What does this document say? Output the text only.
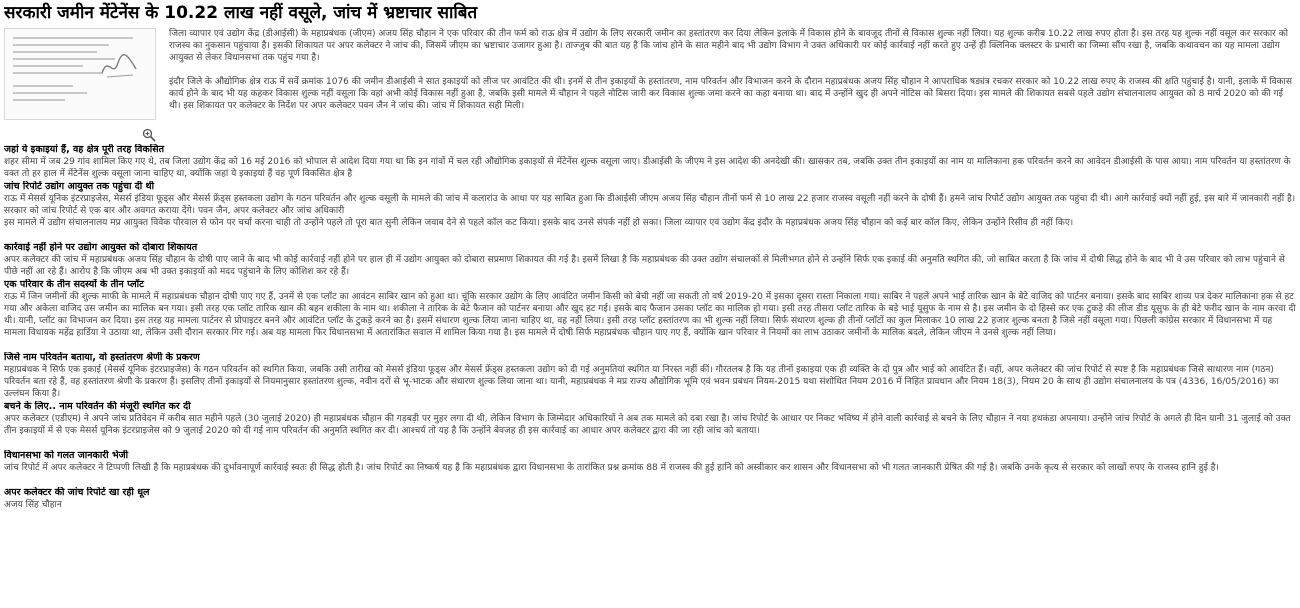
सरकारी जमीन मेंटेनेंस के 10.22 लाख नहीं वसूले, जांच में भ्रष्टाचार साबित

जिला व्यापार एवं उद्योग केंद्र (डीआईसी) के महाप्रबंधक (जीएम) अजय सिंह चौहान ने एक परिवार की तीन फर्म को राऊ क्षेत्र में उद्योग के लिए सरकारी जमीन का हस्तांतरण कर दिया लेकिन इलाके में विकास होने के बावजूद तीनों से विकास शुल्क नहीं लिया। यह शुल्क करीब 10.22 लाख रुपए होता है। इस तरह यह शुल्क नहीं वसूल कर सरकार को राजस्व का नुकसान पहुंचाया है। इसकी शिकायत पर अपर कलेक्टर ने जांच की, जिसमें जीएम का भ्रष्टाचार उजागर हुआ है। ताज्जुब की बात यह है कि जांच होने के सात महीने बाद भी उद्योग विभाग ने उक्त अधिकारी पर कोई कार्रवाई नहीं करते हुए उन्हें ही क्लिनिक क्लस्टर के प्रभारी का जिम्मा सौंप रखा है, जबकि कथावचन का यह मामला उद्योग आयुक्त से लेकर विधानसभा तक पहुंच गया है।

इंदौर जिले के औद्योगिक क्षेत्र राऊ में सर्वे क्रमांक 1076 की जमीन डीआईसी ने सात इकाइयों को लीज पर आवंटित की थी। इनमें से तीन इकाइयों के हस्तांतरण, नाम परिवर्तन और विभाजन करने के दौरान महाप्रबंधक अजय सिंह चौहान ने आपराधिक षड्यंत्र रचकर सरकार को 10.22 लाख रुपए के राजस्व की क्षति पहुंचाई है। यानी, इलाके में विकास कार्य होने के बाद भी यह कहकर विकास शुल्क नहीं वसूला कि वहां अभी कोई विकास नहीं हुआ है, जबकि इसी मामले में चौहान ने पहले नोटिस जारी कर विकास शुल्क जमा करने का कहा बनाया था। बाद में उन्होंने खुद ही अपने नोटिस को बिसरा दिया। इस मामले की शिकायत सबसे पहले उद्योग संचालनालय आयुक्त को 8 मार्च 2020 को की गई थी। इस शिकायत पर कलेक्टर के निर्देश पर अपर कलेक्टर पवन जैन ने जांच की। जांच में शिकायत सही मिली।

जहां ये इकाइयां हैं, वह क्षेत्र पूरी तरह विकसित

शहर सीमा में जब 29 गांव शामिल किए गए थे, तब जिला उद्योग केंद्र को 16 मई 2016 को भोपाल से आदेश दिया गया था कि इन गांवों में चल रही औद्योगिक इकाइयों से मेंटेनेंस शुल्क वसूला जाए। डीआईसी के जीएम ने इस आदेश की अनदेखी की। खासकर तब, जबकि उक्त तीन इकाइयों का नाम या मालिकाना हक परिवर्तन करने का आवेदन डीआईसी के पास आया। नाम परिवर्तन या हस्तांतरण के वक्त तो हर हाल में मेंटेनेंस शुल्क वसूला जाना चाहिए था, क्योंकि जहां ये इकाइयां हैं वह पूर्ण विकसित क्षेत्र है

जांच रिपोर्ट उद्योग आयुक्त तक पहुंचा दी थी

राऊ में मेसर्स यूनिक इंटरप्राइजेस, मेसर्स इंडिया फूड्स और मेसर्स फ्रेंड्स हस्तकला उद्योग के गठन परिवर्तन और शुल्क वसूली के मामले की जांच में कलारांउ के आधा पर यह साबित हुआ कि डीआईसी जीएम अजय सिंह चौहान तीनों फर्म से 10 लाख 22 हजार राजस्व वसूली नहीं करने के दोषी हैं। हमने जांच रिपोर्ट उद्योग आयुक्त तक पहुंचा दी थी। आगे कार्रवाई क्यों नहीं हुई, इस बारे में जानकारी नहीं है। सरकार को जांच रिपोर्ट से एक बार और अवगत कराया देंगे। पवन जैन, अपर कलेक्टर और जांच अधिकारी

इस मामले में उद्योग संचालनालय मप्र आयुक्त विवेक पोरवाल से फोन पर चर्चा करना चाही तो उन्होंने पहले तो पूरा बात सुनी लेकिन जवाब देने से पहले कॉल कट किया। इसके बाद उनसे संपर्क नहीं हो सका। जिला व्यापार एवं उद्योग केंद्र इंदौर के महाप्रबंधक अजय सिंह चौहान को कई बार कॉल किए, लेकिन उन्होंने रिसीव ही नहीं किए।

कार्रवाई नहीं होने पर उद्योग आयुक्त को दोबारा शिकायत

अपर कलेक्टर की जांच में महाप्रबंधक अजय सिंह चौहान के दोषी पाए जाने के बाद भी कोई कार्रवाई नहीं होने पर हाल ही में उद्योग आयुक्त को दोबारा सप्रमाण शिकायत की गई है। इसमें लिखा है कि महाप्रबंधक की उक्त उद्योग संचालकों से मिलीभगत होने से उन्होंने सिर्फ एक इकाई की अनुमति स्थगित की, जो साबित करता है कि जांच में दोषी सिद्ध होने के बाद भी वे उस परिवार को लाभ पहुंचाने से पीछे नहीं आ रहे हैं। आरोप है कि जीएम अब भी उक्त इकाइयों को मदद पहुंचाने के लिए कोशिश कर रहे हैं।

एक परिवार के तीन सदस्यों के तीन प्लॉट

राऊ में जिन जमीनों की शुल्क माफी के मामले में महाप्रबंधक चौहान दोषी पाए गए हैं, उनमें से एक प्लॉट का आवंटन साबिर खान को हुआ था। चूंकि सरकार उद्योग के लिए आवंटित जमीन किसी को बेची नहीं जा सकती तो वर्ष 2019-20 में इसका दूसरा रास्ता निकाला गया। साबिर ने पहले अपने भाई तारिक खान के बेटे वाजिद को पार्टनर बनाया। इसके बाद साबिर शाव्य पत्र देकर मालिकाना हक से हट गया और अकेला वाजिद उस जमीन का मालिक बन गया। इसी तरह एक प्लॉट तारिक खान की बहन शकीला के नाम था। शकीला ने तारिक के बेटे फैजान को पार्टनर बनाया और खुद हट गई। इसके बाद फैजान उसका प्लॉट का मालिक हो गया। इसी तरह तीसरा प्लॉट तारिक के बड़े भाई यूसुफ के नाम से है। इस जमीन के दो हिस्से कर एक टुकड़े की लीज डीड यूसुफ के ही बेटे फरीद खान के नाम करवा दी थी। यानी, प्लॉट का विभाजन कर दिया। इस तरह यह मामला पार्टनर से प्रोपाइटर बनने और आवंटित प्लॉट के टुकड़े करने का है। इसमें संधारण शुल्क लिया जाना चाहिए था, वह नहीं लिया। इसी तरह प्लॉट हस्तांतरण का भी शुल्क नहीं लिया। सिर्फ संधारण शुल्क ही तीनों प्लॉटों का कुल मिलाकर 10 लाख 22 हजार शुल्क बनता है जिसे नहीं वसूला गया। पिछली कांग्रेस सरकार में विधानसभा में यह मामला विधायक महेंद्र हार्डिया ने उठाया था, लेकिन उसी दौरान सरकार गिर गई। अब यह मामला फिर विधानसभा में अतारांकित सवाल में शामिल किया गया है। इस मामले में दोषी सिर्फ महाप्रबंधक चौहान पाए गए हैं, क्योंकि खान परिवार ने नियमों का लाभ उठाकर जमीनों के मालिक बदले, लेकिन जीएम ने उनसे शुल्क नहीं लिया।

जिसे नाम परिवर्तन बताया, वो हस्तांतरण श्रेणी के प्रकरण

महाप्रबंधक ने सिर्फ एक इकाई (मेसर्स यूनिक इंटरप्राइजेस) के गठन परिवर्तन को स्थगित किया, जबकि उसी तारीख को मेसर्स इंडिया फूड्स और मेसर्स फ्रेंड्स हस्तकला उद्योग को दी गई अनुमतियां स्थगित या निरस्त नहीं कीं। गौरतलब है कि यह तीनों इकाइयां एक ही व्यक्ति के दो पुत्र और भाई को आवंटित हैं। वहीं, अपर कलेक्टर की जांच रिपोर्ट से स्पष्ट है कि महाप्रबंधक जिसे साधारण नाम (गठन) परिवर्तन बता रहे हैं, वह हस्तांतरण श्रेणी के प्रकरण हैं। इसलिए तीनों इकाइयों से नियमानुसार हस्तांतरण शुल्क, नवीन दरों से भू-भाटक और संधारण शुल्क लिया जाना था। यानी, महाप्रबंधक ने मप्र राज्य औद्योगिक भूमि एवं भवन प्रबंधन नियम-2015 यथा संशोधित नियम 2016 में निहित प्रावधान और नियम 18(3), नियम 20 के साथ ही उद्योग संचालनालय के पत्र (4336, 16/05/2016) का उल्लंघन किया है।

बचने के लिए.. नाम परिवर्तन की मंजूरी स्थगित कर दी

अपर कलेक्टर (एडीएम) ने अपने जांच प्रतिवेदन में करीब सात महीने पहले (30 जुलाई 2020) ही महाप्रबंधक चौहान की गड़बड़ी पर मुहर लगा दी थी, लेकिन विभाग के जिम्मेदार अधिकारियों ने अब तक मामले को दबा रखा है। जांच रिपोर्ट के आधार पर निकट भविष्य में होने वाली कार्रवाई से बचने के लिए चौहान ने नया हथकंडा अपनाया। उन्होंने जांच रिपोर्ट के अगले ही दिन यानी 31 जुलाई को उक्त तीन इकाइयों में से एक मेसर्स यूनिक इंटरप्राइजेस को 9 जुलाई 2020 को दी गई नाम परिवर्तन की अनुमति स्थगित कर दी। आश्चर्य तो यह है कि उन्होंने बेवजह ही इस कार्रवाई का आधार अपर कलेक्टर द्वारा की जा रही जांच को बताया।

विधानसभा को गलत जानकारी भेजी

जांच रिपोर्ट में अपर कलेक्टर ने टिप्पणी लिखी है कि महाप्रबंधक की दुर्भावनापूर्ण कार्रवाई स्वतः ही सिद्ध होती है। जांच रिपोर्ट का निष्कर्ष यह है कि महाप्रबंधक द्वारा विधानसभा के तारांकित प्रश्न क्रमांक 88 में राजस्व की हुई हानि को अस्वीकार कर शासन और विधानसभा को भी गलत जानकारी प्रेषित की गई है। जबकि उनके कृत्य से सरकार को लाखों रुपए के राजस्व हानि हुई है।

अपर कलेक्टर की जांच रिपोर्ट खा रही धूल

अजय सिंह चौहान
